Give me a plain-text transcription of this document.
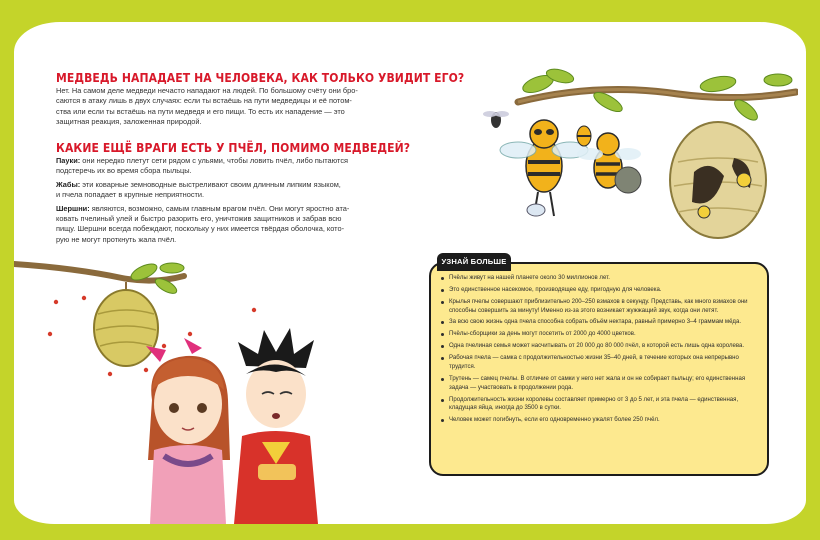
МЕДВЕДЬ НАПАДАЕТ НА ЧЕЛОВЕКА, КАК ТОЛЬКО УВИДИТ ЕГО?
Нет. На самом деле медведи нечасто нападают на людей. По большому счёту они бро-
саются в атаку лишь в двух случаях: если ты встаёшь на пути медведицы и её потом-
ства или если ты встаёшь на пути медведя и его пищи. То есть их нападение — это
защитная реакция, заложенная природой.
КАКИЕ ЕЩЁ ВРАГИ ЕСТЬ У ПЧЁЛ, ПОМИМО МЕДВЕДЕЙ?
Пауки: они нередко плетут сети рядом с ульями, чтобы ловить пчёл, либо пытаются
подстеречь их во время сбора пыльцы.
Жабы: эти коварные земноводные выстреливают своим длинным липким языком,
и пчела попадает в крупные неприятности.
Шершни: являются, возможно, самым главным врагом пчёл. Они могут яростно ата-
ковать пчелиный улей и быстро разорить его, уничтожив защитников и забрав всю
пищу. Шершни всегда побеждают, поскольку у них имеется твёрдая оболочка, кото-
рую не могут проткнуть жала пчёл.
УЗНАЙ БОЛЬШЕ
Пчёлы живут на нашей планете около 30 миллионов лет.
Это единственное насекомое, производящее еду, пригодную для человека.
Крылья пчелы совершают приблизительно 200–250 взмахов в секунду. Представь, как много взмахов они способны совершить за минуту! Именно из-за этого возникает жужжащий звук, когда они летят.
За всю свою жизнь одна пчела способна собрать объём нектара, равный примерно 3–4 граммам мёда.
Пчёлы-сборщики за день могут посетить от 2000 до 4000 цветков.
Одна пчелиная семья может насчитывать от 20 000 до 80 000 пчёл, в которой есть лишь одна королева.
Рабочая пчела — самка с продолжительностью жизни 35–40 дней, в течение которых она непрерывно трудится.
Трутень — самец пчелы. В отличие от самки у него нет жала и он не собирает пыльцу; его единственная задача — участвовать в продолжении рода.
Продолжительность жизни королевы составляет примерно от 3 до 5 лет, и эта пчела — единственная, кладущая яйца, иногда до 3500 в сутки.
Человек может погибнуть, если его одновременно ужалят более 250 пчёл.
